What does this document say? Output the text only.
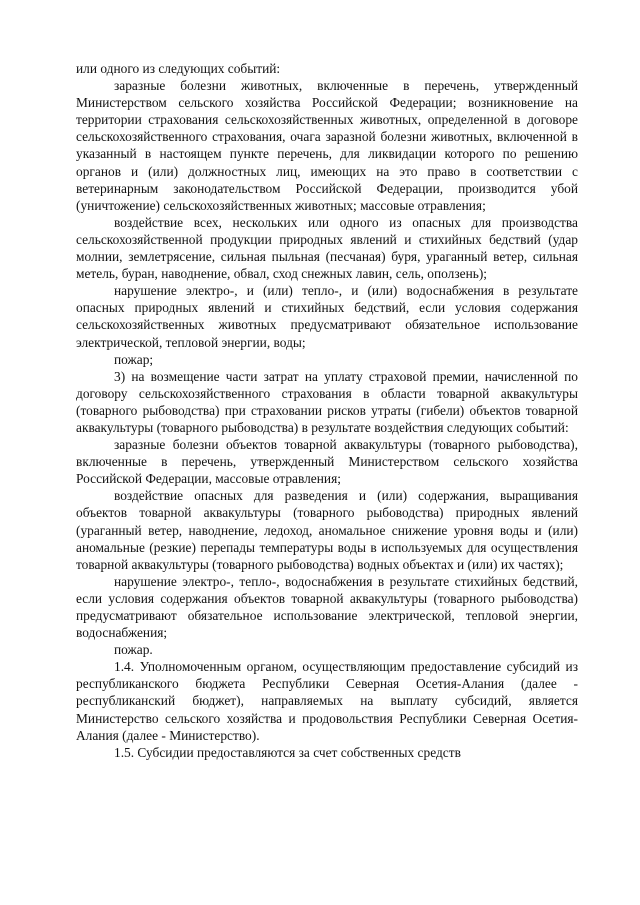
или одного из следующих событий:

заразные болезни животных, включенные в перечень, утвержденный Министерством сельского хозяйства Российской Федерации; возникновение на территории страхования сельскохозяйственных животных, определенной в договоре сельскохозяйственного страхования, очага заразной болезни животных, включенной в указанный в настоящем пункте перечень, для ликвидации которого по решению органов и (или) должностных лиц, имеющих на это право в соответствии с ветеринарным законодательством Российской Федерации, производится убой (уничтожение) сельскохозяйственных животных; массовые отравления;

воздействие всех, нескольких или одного из опасных для производства сельскохозяйственной продукции природных явлений и стихийных бедствий (удар молнии, землетрясение, сильная пыльная (песчаная) буря, ураганный ветер, сильная метель, буран, наводнение, обвал, сход снежных лавин, сель, оползень);

нарушение электро-, и (или) тепло-, и (или) водоснабжения в результате опасных природных явлений и стихийных бедствий, если условия содержания сельскохозяйственных животных предусматривают обязательное использование электрической, тепловой энергии, воды;

пожар;

3) на возмещение части затрат на уплату страховой премии, начисленной по договору сельскохозяйственного страхования в области товарной аквакультуры (товарного рыбоводства) при страховании рисков утраты (гибели) объектов товарной аквакультуры (товарного рыбоводства) в результате воздействия следующих событий:

заразные болезни объектов товарной аквакультуры (товарного рыбоводства), включенные в перечень, утвержденный Министерством сельского хозяйства Российской Федерации, массовые отравления;

воздействие опасных для разведения и (или) содержания, выращивания объектов товарной аквакультуры (товарного рыбоводства) природных явлений (ураганный ветер, наводнение, ледоход, аномальное снижение уровня воды и (или) аномальные (резкие) перепады температуры воды в используемых для осуществления товарной аквакультуры (товарного рыбоводства) водных объектах и (или) их частях);

нарушение электро-, тепло-, водоснабжения в результате стихийных бедствий, если условия содержания объектов товарной аквакультуры (товарного рыбоводства) предусматривают обязательное использование электрической, тепловой энергии, водоснабжения;

пожар.

1.4. Уполномоченным органом, осуществляющим предоставление субсидий из республиканского бюджета Республики Северная Осетия-Алания (далее - республиканский бюджет), направляемых на выплату субсидий, является Министерство сельского хозяйства и продовольствия Республики Северная Осетия-Алания (далее - Министерство).

1.5. Субсидии предоставляются за счет собственных средств
